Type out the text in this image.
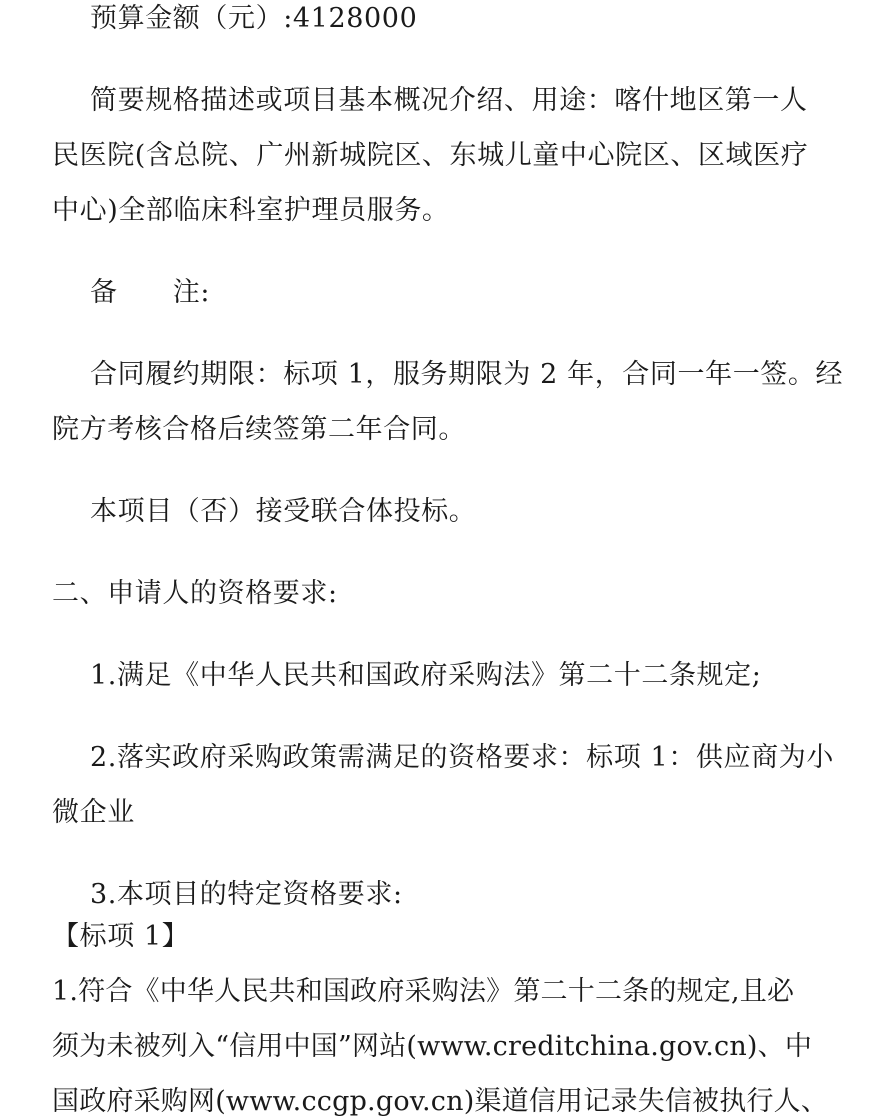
预算金额（元）:4128000
简要规格描述或项目基本概况介绍、用途：喀什地区第一人
民医院(含总院、广州新城院区、东城儿童中心院区、区域医疗
中心)全部临床科室护理员服务。
备　　注:
合同履约期限：标项 1，服务期限为 2 年，合同一年一签。经
院方考核合格后续签第二年合同。
本项目（否）接受联合体投标。
二、申请人的资格要求:
1.满足《中华人民共和国政府采购法》第二十二条规定;
2.落实政府采购政策需满足的资格要求：标项 1：供应商为小
微企业
3.本项目的特定资格要求:
【标项 1】
1.符合《中华人民共和国政府采购法》第二十二条的规定,且必
须为未被列入“信用中国”网站(www.creditchina.gov.cn)、中
国政府采购网(www.ccgp.gov.cn)渠道信用记录失信被执行人、
